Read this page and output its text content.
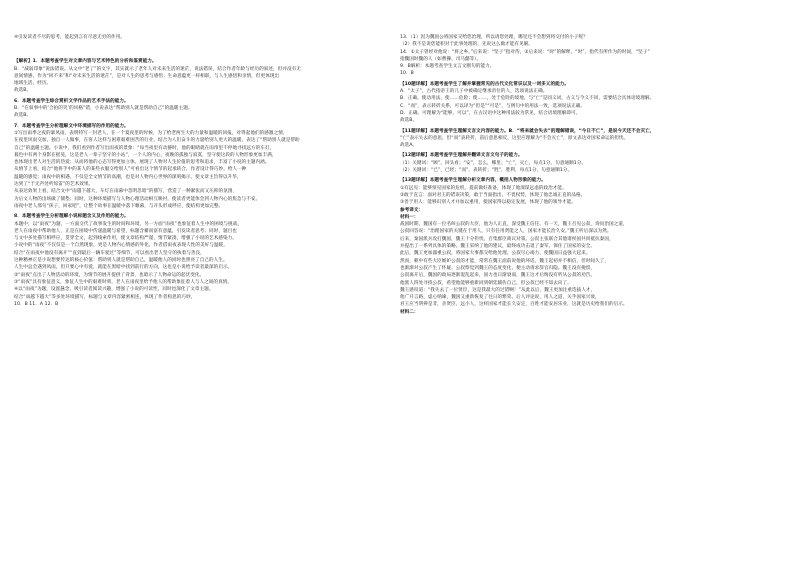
④引发读者不尽的思考，能起到言有尽意无穷的作用。
【解析】1．本题考查学生对文章内容与艺术特色的分析和鉴赏能力。
B．“减弱印象”说法错误。从文中“老了”的文字，其实就示了老年人对未来生活的迷茫，说法错误，结合作者年龄与经历的叙述，但并没有无
意间情感，作为“回不来”和“对未来生活的迷茫”，是对人生的思考与感悟；生命意蕴更一样相联，与人生感悟和亲情，但更体现出
地域生活、经历。
故选B。
6．本题考查学生综合赏析文学作品的艺术手法的能力。
B．“在叙事中的‘合拍的笑’的风格”错，小说表达“帮助别人就是帮助自己”的温暖主题。
故选B。
7．本题考查学生分析理解文中环境描写的作用的能力。
①写出雨季之夜的暴风雨，表明特写一封老人，在一个夏夜里的时候，为了给老两生大的力量和温暖的回报，对得起他们的感激之情，
在夜里风雨交加，独自一人做事，在客人这样与困难艰难困苦的行业，结合为人们奋斗的力量给别人更大的温暖，表达了“帮助别人就是帮助
自己”的温暖主题。小说中，我们看到作者写出雨夜的景象：“每当夜里有动静时，他的眼睛就在雨帘里不停地寻找远方的车灯，
暮色中有两个身影在摇晃，这是老人一辈子坚守的小站”，一个人的内心，夜晚的孤独与寂寞，坚守使这段的人物形象更加丰满，
也体现出老人对生活的热爱；从而将他的心态写得更加立体，展现了人物对人生价值的思考和追求，丰富了小说的主题内涵。
从情节上看，结合“他将手中的某人的某些衣服交给别人”可看出这个情节的起承转合，作者设计得巧妙，给人一种
温暖的感觉；雨夜中的相遇，不仅是全文情节的高潮，也是对人物内心世界的深刻揭示，使文章主旨得以升华，
达到了“于无声处听惊雷”的艺术效果。
从表达效果上看，结合文中“雨越下越大，车灯在雨幕中忽明忽暗”的描写，营造了一种紧张而又压抑的氛围，
为后文人物的出场做了铺垫；同时，这种环境描写与人物心理活动相互映衬，使读者更能体会到人物内心的焦急与不安。
雨夜中老人那句“孩子，回家吧”，让整个故事在温暖中落下帷幕，与开头形成呼应，使结构更加完整。
8．本题考查学生分析理解小说标题含义及作用的能力。
本题中，以“雨夜”为题，一方面交代了故事发生的时间和环境，另一方面“雨夜”也象征着人生中的困境与挑战，
老人在雨夜中帮助他人，正是在困境中传递温暖与希望，标题含蓄而富有意蕴，引发读者思考；同时，题目也
与文中多处描写相呼应，贯穿全文，起到线索作用，使文章结构严谨，情节紧凑，增强了小说的艺术感染力。
小说中的“雨夜”不仅仅是一个自然现象，更是人物内心情感的外化，作者借雨夜表现人性的美好与温暖。
结合“在雨夜中他没有离开”“直到最后一辆车驶过”等细节，可以看出老人坚守的执着与善良，
这种精神正是小说想要传达的核心价值：帮助别人就是帮助自己，温暖他人的同时也照亮了自己的人生。
人生中总会遇到风雨，但只要心中有爱，就能在黑暗中找到前行的方向，这也是小说给予读者最深的启示。
②“雨夜”点出了人物活动的环境，为情节的展开提供了背景，也暗示了人物命运的起伏变化。
③“雨夜”具有象征意义，象征人生中的艰难时刻，老人在雨夜里给予他人的帮助象征着人与人之间的真情。
④以“雨夜”为题，设置悬念，吸引读者阅读兴趣，增强了小说的可读性，同时也深化了文章主题。
结合“雨越下越大”等多处环境描写，标题与文章内容紧密相连，体现了作者构思的巧妙。
10．B 11．A 12．B
13．（1）因为魏国公将国家交给您治理，所以请您处理，哪里还不会想到将交付的小子呢？
（2）我不是说您能积对于此事处理的，先说这么做才能有见解。
14．①太子曾经对他说：“将之乡。”后来说：“坚子”指对待，②后来说：“时”的解释，“时”，指代有所作为的时间，“坚子”
指魏国时魏的人（如曹操、司马懿等）。
9．B解析：本题考查学生文言文断句的能力。
10．B
【10题详解】本题考查学生了解并掌握常见的古代文化常识以及一词多义的能力。
A．“太子”，古代指帝王的儿子中被确定继承帝位的人，选项说法正确。
B．正确。使动用法，使……危险；使……，处于危险的境地，与“亡”是同义词，古义与今义不同，需要结合具体语境理解。
C．“而”，表示转折关系，可以译为“但是”“可是”，与例句中的用法一致，选项说法正确。
D．正确。可理解为“能够、可以”，在古汉语中这种用法较为常见，结合语境理解即可。
故选B。
【11题详解】本题考查学生理解文言文内容的能力。B．“将来就会失去”的理解错误，“今日不亡”，是说今天还不会灭亡，
“亡”表示失去的意思，但“而”表转折，前后意思相反，这里应理解为“不会灭亡”，原文表达对国家命运的担忧。
故选A。
【12题详解】本题考查学生理解并翻译文言文句子的能力。
（1）关键词：“顾”，回头看；“安”，怎么，哪里；“亡”，灭亡，每点1分，句意通顺1分。
（2）关键词：“已”，已经；“而”，表转折；“胜”，胜利，每点1分，句意通顺1分。
【13题详解】本题考查学生理解分析文章内容，概括人物形象的能力。
①有远见：能够预见国家的危机，提前做好准备，体现了他深谋远虑的政治才能。
②敢于直言：面对君王的错误决策，敢于当面指出，不畏权势，体现了他忠诚正直的品格。
③善于用人：能够识别人才并加以重用，使国家得以稳定发展，体现了他的领导才能。
参考译文：
材料一：
战国时期，魏国有一位名叫公叔的大臣，他为人正直，深受魏王信任。有一天，魏王召见公叔，询问治国之道，
公叔回答说：“治理国家的关键在于用人，只有任用贤能之人，国家才能长治久安。”魏王听后深以为然。
后来，秦国派兵攻打魏国，魏王十分担忧，召集群臣商议对策。公叔主张联合其他诸侯国共同抵抗秦国，
并提出了一系列具体的策略。魏王采纳了他的建议，最终成功击退了秦军，保住了国家的安全。
此后，魏王更加器重公叔，将国家大事都交给他处理。公叔尽心竭力，使魏国日益强大起来。
然而，朝中有些大臣嫉妒公叔的才能，常常在魏王面前说他的坏话。魏王起初并不相信，但时间久了，
也渐渐对公叔产生了怀疑。公叔察觉到魏王的态度变化，便主动请求辞官归隐。魏王没有挽留，
公叔离开后，魏国的政局逐渐混乱起来，国力也日渐衰弱，魏王这才后悔没有听从公叔的劝告。
他派人四处寻找公叔，希望他能够重新回到朝廷辅佐自己，但公叔已经不知去向了。
魏王感叹道：“我失去了一位贤臣，这是我最大的过错啊！”从此以后，魏王更加注重选拔人才，
他广开言路，虚心纳谏，魏国又重新恢复了往日的繁荣。后人评论说，用人之道，关乎国家兴衰，
君王应当明辨是非，亲贤臣，远小人，这样国家才能长久安定，百姓才能安居乐业，这就是历史给我们的启示。
材料二：
